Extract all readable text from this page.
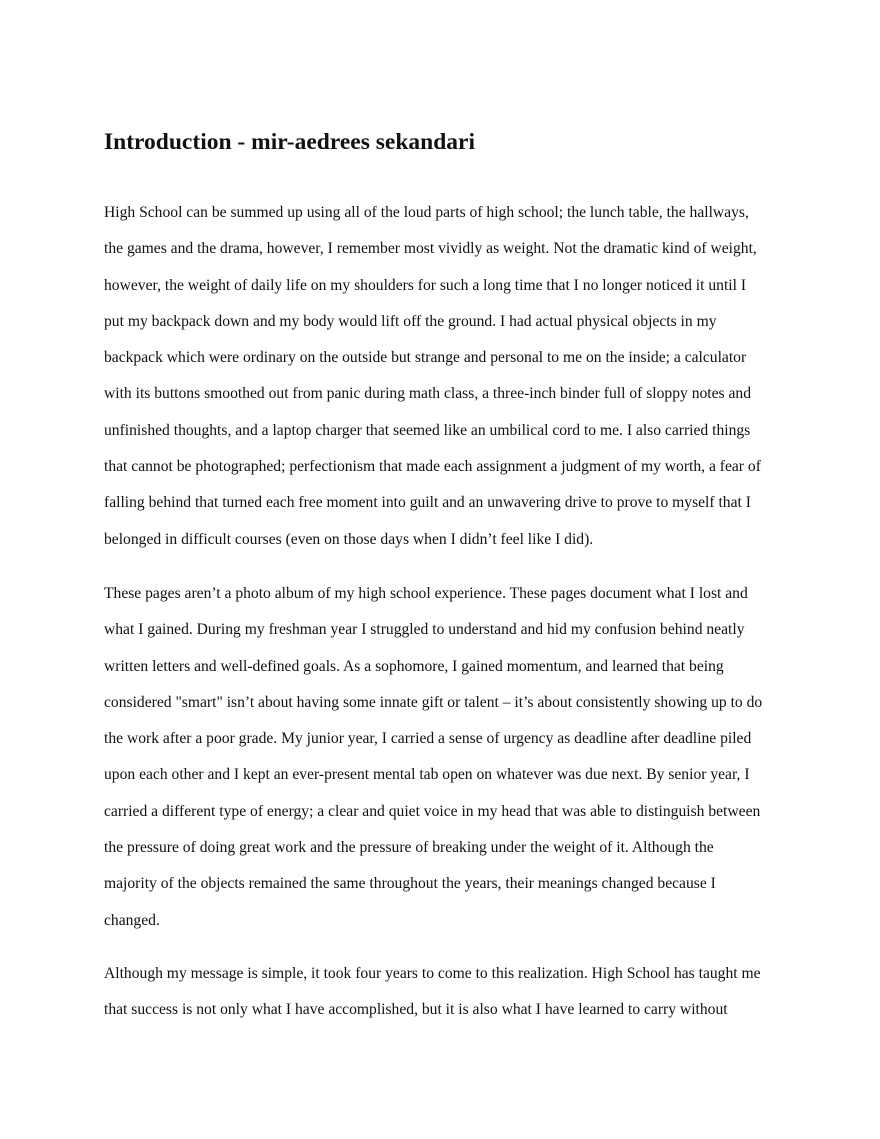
Introduction - mir-aedrees sekandari
High School can be summed up using all of the loud parts of high school; the lunch table, the hallways,
the games and the drama, however, I remember most vividly as weight. Not the dramatic kind of weight,
however, the weight of daily life on my shoulders for such a long time that I no longer noticed it until I
put my backpack down and my body would lift off the ground. I had actual physical objects in my
backpack which were ordinary on the outside but strange and personal to me on the inside; a calculator
with its buttons smoothed out from panic during math class, a three-inch binder full of sloppy notes and
unfinished thoughts, and a laptop charger that seemed like an umbilical cord to me. I also carried things
that cannot be photographed; perfectionism that made each assignment a judgment of my worth, a fear of
falling behind that turned each free moment into guilt and an unwavering drive to prove to myself that I
belonged in difficult courses (even on those days when I didn’t feel like I did).
These pages aren’t a photo album of my high school experience. These pages document what I lost and
what I gained. During my freshman year I struggled to understand and hid my confusion behind neatly
written letters and well-defined goals. As a sophomore, I gained momentum, and learned that being
considered "smart" isn’t about having some innate gift or talent – it’s about consistently showing up to do
the work after a poor grade. My junior year, I carried a sense of urgency as deadline after deadline piled
upon each other and I kept an ever-present mental tab open on whatever was due next. By senior year, I
carried a different type of energy; a clear and quiet voice in my head that was able to distinguish between
the pressure of doing great work and the pressure of breaking under the weight of it. Although the
majority of the objects remained the same throughout the years, their meanings changed because I
changed.
Although my message is simple, it took four years to come to this realization. High School has taught me
that success is not only what I have accomplished, but it is also what I have learned to carry without
